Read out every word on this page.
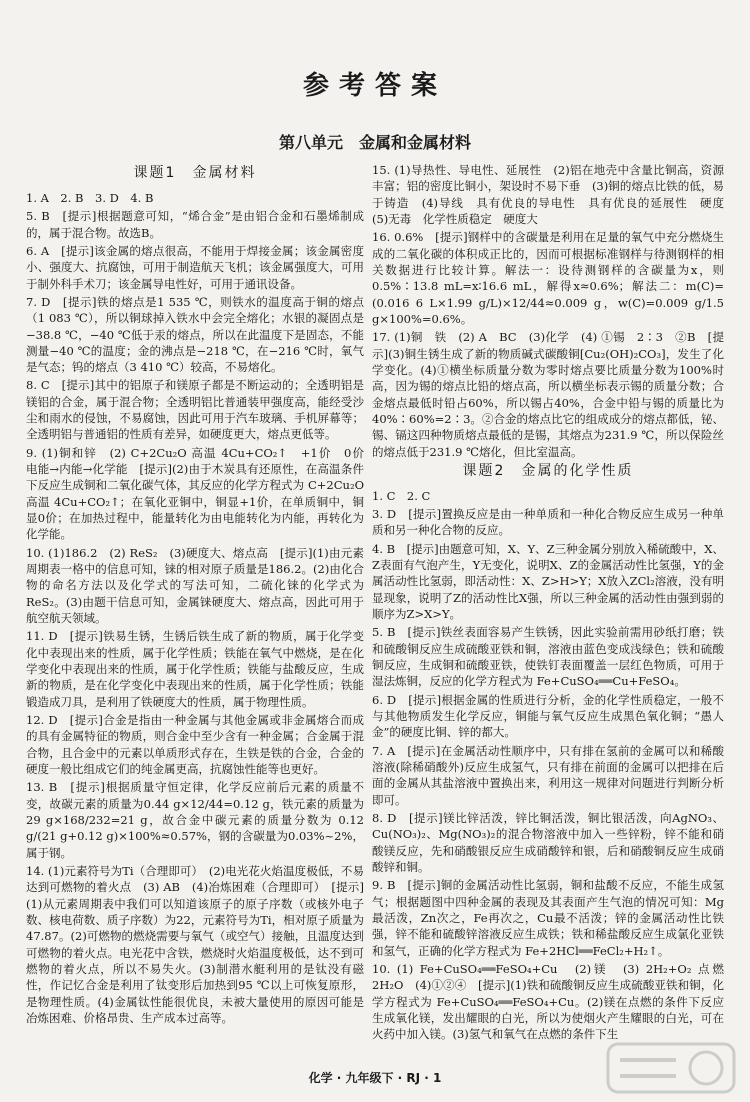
参考答案
第八单元　金属和金属材料
课题1　金属材料
1. A　2. B　3. D　4. B
5. B　[提示]根据题意可知，“烯合金”是由铝合金和石墨烯制成的，属于混合物。故选B。
6. A　[提示]该金属的熔点很高，不能用于焊接金属；该金属密度小、强度大、抗腐蚀，可用于制造航天飞机；该金属强度大，可用于制外科手术刀；该金属导电性好，可用于通讯设备。
7. D　[提示]铁的熔点是1 535 ℃，则铁水的温度高于铜的熔点（1 083 ℃），所以铜球掉入铁水中会完全熔化；水银的凝固点是−38.8 ℃，−40 ℃低于汞的熔点，所以在此温度下是固态，不能测量−40 ℃的温度；金的沸点是−218 ℃，在−216 ℃时，氧气是气态；钨的熔点（3 410 ℃）较高，不易熔化。
8. C　[提示]其中的铝原子和镁原子都是不断运动的；全透明铝是镁铝的合金，属于混合物；全透明铝比普通装甲强度高，能经受沙尘和雨水的侵蚀，不易腐蚀，因此可用于汽车玻璃、手机屏幕等；全透明铝与普通铝的性质有差异，如硬度更大，熔点更低等。
9. (1)铜和锌　(2) C+2Cu₂O 高温 4Cu+CO₂↑　+1价　0价　电能→内能→化学能　[提示](2)由于木炭具有还原性，在高温条件下反应生成铜和二氧化碳气体，其反应的化学方程式为 C+2Cu₂O 高温 4Cu+CO₂↑；在氧化亚铜中，铜显+1价，在单质铜中，铜显0价；在加热过程中，能量转化为由电能转化为内能，再转化为化学能。
10. (1)186.2　(2) ReS₂　(3)硬度大、熔点高　[提示](1)由元素周期表一格中的信息可知，铼的相对原子质量是186.2。(2)由化合物的命名方法以及化学式的写法可知，二硫化铼的化学式为ReS₂。(3)由题干信息可知，金属铼硬度大、熔点高，因此可用于航空航天领域。
11. D　[提示]铁易生锈，生锈后铁生成了新的物质，属于化学变化中表现出来的性质，属于化学性质；铁能在氧气中燃烧，是在化学变化中表现出来的性质，属于化学性质；铁能与盐酸反应，生成新的物质，是在化学变化中表现出来的性质，属于化学性质；铁能锻造成刀具，是利用了铁硬度大的性质，属于物理性质。
12. D　[提示]合金是指由一种金属与其他金属或非金属熔合而成的具有金属特征的物质，则合金中至少含有一种金属；合金属于混合物，且合金中的元素以单质形式存在，生铁是铁的合金，合金的硬度一般比组成它们的纯金属更高，抗腐蚀性能等也更好。
13. B　[提示]根据质量守恒定律，化学反应前后元素的质量不变，故碳元素的质量为0.44 g×12/44=0.12 g，铁元素的质量为29 g×168/232=21 g，故合金中碳元素的质量分数为 0.12 g/(21 g+0.12 g)×100%≈0.57%，钢的含碳量为0.03%~2%，属于钢。
14. (1)元素符号为Ti（合理即可）　(2)电光花火焰温度极低，不易达到可燃物的着火点　(3) AB　(4)冶炼困难（合理即可）　[提示](1)从元素周期表中我们可以知道该原子的原子序数（或核外电子数、核电荷数、质子序数）为22，元素符号为Ti，相对原子质量为47.87。(2)可燃物的燃烧需要与氧气（或空气）接触，且温度达到可燃物的着火点。电光花中含铁，燃烧时火焰温度极低，达不到可燃物的着火点，所以不易失火。(3)制潜水艇利用的是钛没有磁性，作记忆合金是利用了钛变形后加热到95 ℃以上可恢复原形，是物理性质。(4)金属钛性能很优良，未被大量使用的原因可能是冶炼困难、价格昂贵、生产成本过高等。
15. (1)导热性、导电性、延展性　(2)铝在地壳中含量比铜高，资源丰富；铝的密度比铜小，架设时不易下垂　(3)铜的熔点比铁的低，易于铸造　(4)导线　具有优良的导电性　具有优良的延展性　硬度　(5)无毒　化学性质稳定　硬度大
16. 0.6%　[提示]钢样中的含碳量是利用在足量的氧气中充分燃烧生成的二氧化碳的体积成正比的，因而可根据标准钢样与待测钢样的相关数据进行比较计算。解法一：设待测钢样的含碳量为x，则0.5%∶13.8 mL=x∶16.6 mL，解得x≈0.6%；解法二：m(C)=(0.016 6 L×1.99 g/L)×12/44≈0.009 g，w(C)=0.009 g/1.5 g×100%=0.6%。
17. (1)铜　铁　(2) A　BC　(3)化学　(4) ①锡　2∶3　②B　[提示](3)铜生锈生成了新的物质碱式碳酸铜[Cu₂(OH)₂CO₃]，发生了化学变化。(4)①横坐标质量分数为零时熔点要比质量分数为100%时高，因为锡的熔点比铅的熔点高，所以横坐标表示锡的质量分数；合金熔点最低时铅占60%，所以锡占40%，合金中铅与锡的质量比为40%∶60%=2∶3。②合金的熔点比它的组成成分的熔点都低，铋、锡、镉这四种物质熔点最低的是锡，其熔点为231.9 ℃，所以保险丝的熔点低于231.9 ℃熔化，但比室温高。
课题2　金属的化学性质
1. C　2. C
3. D　[提示]置换反应是由一种单质和一种化合物反应生成另一种单质和另一种化合物的反应。
4. B　[提示]由题意可知，X、Y、Z三种金属分别放入稀硫酸中，X、Z表面有气泡产生，Y无变化，说明X、Z的金属活动性比氢强，Y的金属活动性比氢弱，即活动性：X、Z>H>Y；X放入ZCl₂溶液，没有明显现象，说明了Z的活动性比X强，所以三种金属的活动性由强到弱的顺序为Z>X>Y。
5. B　[提示]铁丝表面容易产生铁锈，因此实验前需用砂纸打磨；铁和硫酸铜反应生成硫酸亚铁和铜，溶液由蓝色变成浅绿色；铁和硫酸铜反应，生成铜和硫酸亚铁，使铁钉表面覆盖一层红色物质，可用于湿法炼铜，反应的化学方程式为 Fe+CuSO₄══Cu+FeSO₄。
6. D　[提示]根据金属的性质进行分析，金的化学性质稳定，一般不与其他物质发生化学反应，铜能与氧气反应生成黑色氧化铜；“愚人金”的硬度比铜、锌的都大。
7. A　[提示]在金属活动性顺序中，只有排在氢前的金属可以和稀酸溶液(除稀硝酸外)反应生成氢气，只有排在前面的金属可以把排在后面的金属从其盐溶液中置换出来，利用这一规律对问题进行判断分析即可。
8. D　[提示]镁比锌活泼，锌比铜活泼，铜比银活泼，向AgNO₃、Cu(NO₃)₂、Mg(NO₃)₂的混合物溶液中加入一些锌粉，锌不能和硝酸镁反应，先和硝酸银反应生成硝酸锌和银，后和硝酸铜反应生成硝酸锌和铜。
9. B　[提示]铜的金属活动性比氢弱，铜和盐酸不反应，不能生成氢气；根据题图中四种金属的表现及其表面产生气泡的情况可知：Mg最活泼，Zn次之，Fe再次之，Cu最不活泼；锌的金属活动性比铁强，锌不能和硫酸锌溶液反应生成铁；铁和稀盐酸反应生成氯化亚铁和氢气，正确的化学方程式为 Fe+2HCl══FeCl₂+H₂↑。
10. (1) Fe+CuSO₄══FeSO₄+Cu　(2)镁　(3) 2H₂+O₂ 点燃 2H₂O　(4)①②④　[提示](1)铁和硫酸铜反应生成硫酸亚铁和铜，化学方程式为 Fe+CuSO₄══FeSO₄+Cu。(2)镁在点燃的条件下反应生成氧化镁，发出耀眼的白光，所以为使烟火产生耀眼的白光，可在火药中加入镁。(3)氢气和氧气在点燃的条件下生
化学 · 九年级下 · RJ · 1
